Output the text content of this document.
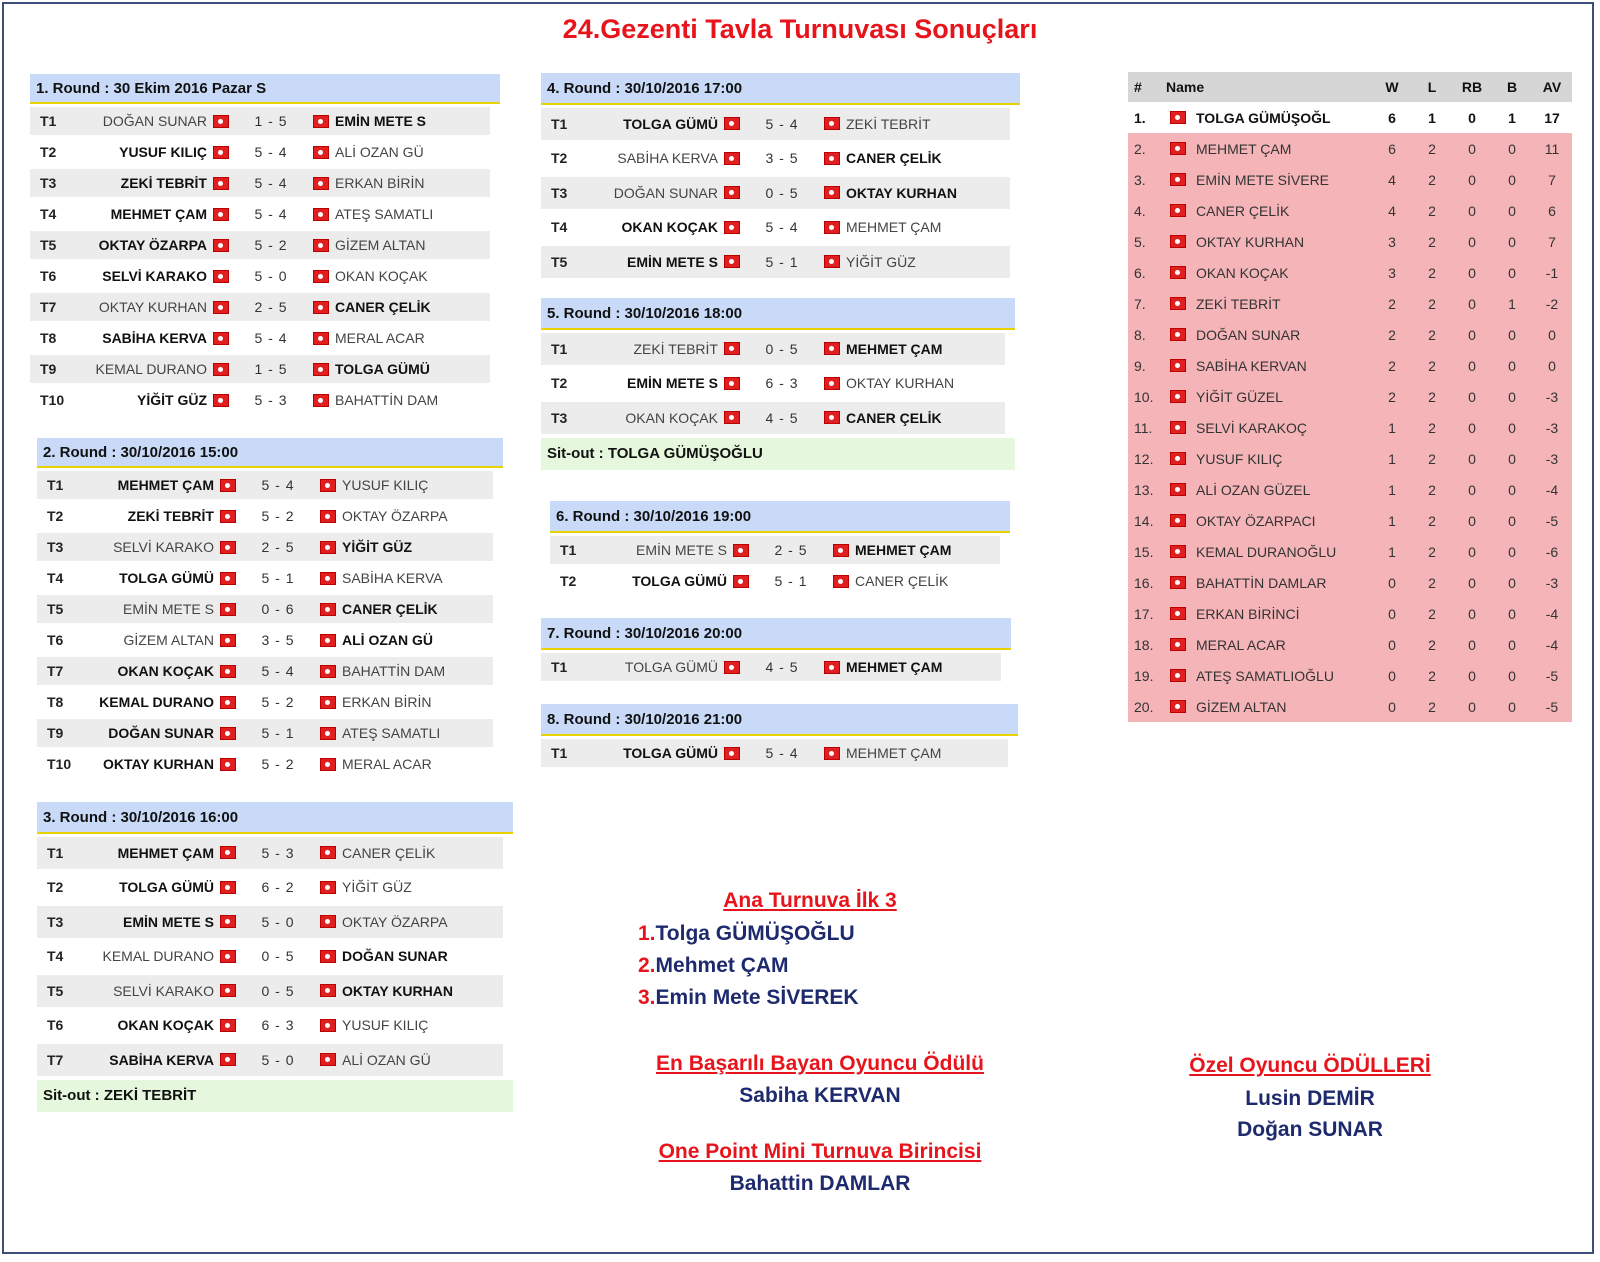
24.Gezenti Tavla Turnuvası Sonuçları
1. Round : 30 Ekim 2016 Pazar S
T1	DOĞAN SUNAR	1 - 5	EMİN METE S
T2	YUSUF KILIÇ	5 - 4	ALİ OZAN GÜ
T3	ZEKİ TEBRİT	5 - 4	ERKAN BİRİN
T4	MEHMET ÇAM	5 - 4	ATEŞ SAMATLI
T5	OKTAY ÖZARPA	5 - 2	GİZEM ALTAN
T6	SELVİ KARAKO	5 - 0	OKAN KOÇAK
T7	OKTAY KURHAN	2 - 5	CANER ÇELİK
T8	SABİHA KERVA	5 - 4	MERAL ACAR
T9	KEMAL DURANO	1 - 5	TOLGA GÜMÜ
T10	YİĞİT GÜZ	5 - 3	BAHATTİN DAM
2. Round : 30/10/2016 15:00
T1	MEHMET ÇAM	5 - 4	YUSUF KILIÇ
T2	ZEKİ TEBRİT	5 - 2	OKTAY ÖZARPA
T3	SELVİ KARAKO	2 - 5	YİĞİT GÜZ
T4	TOLGA GÜMÜ	5 - 1	SABİHA KERVA
T5	EMİN METE S	0 - 6	CANER ÇELİK
T6	GİZEM ALTAN	3 - 5	ALİ OZAN GÜ
T7	OKAN KOÇAK	5 - 4	BAHATTİN DAM
T8	KEMAL DURANO	5 - 2	ERKAN BİRİN
T9	DOĞAN SUNAR	5 - 1	ATEŞ SAMATLI
T10	OKTAY KURHAN	5 - 2	MERAL ACAR
3. Round : 30/10/2016 16:00
T1	MEHMET ÇAM	5 - 3	CANER ÇELİK
T2	TOLGA GÜMÜ	6 - 2	YİĞİT GÜZ
T3	EMİN METE S	5 - 0	OKTAY ÖZARPA
T4	KEMAL DURANO	0 - 5	DOĞAN SUNAR
T5	SELVİ KARAKO	0 - 5	OKTAY KURHAN
T6	OKAN KOÇAK	6 - 3	YUSUF KILIÇ
T7	SABİHA KERVA	5 - 0	ALİ OZAN GÜ
Sit-out : ZEKİ TEBRİT
4. Round : 30/10/2016 17:00
T1	TOLGA GÜMÜ	5 - 4	ZEKİ TEBRİT
T2	SABİHA KERVA	3 - 5	CANER ÇELİK
T3	DOĞAN SUNAR	0 - 5	OKTAY KURHAN
T4	OKAN KOÇAK	5 - 4	MEHMET ÇAM
T5	EMİN METE S	5 - 1	YİĞİT GÜZ
5. Round : 30/10/2016 18:00
T1	ZEKİ TEBRİT	0 - 5	MEHMET ÇAM
T2	EMİN METE S	6 - 3	OKTAY KURHAN
T3	OKAN KOÇAK	4 - 5	CANER ÇELİK
Sit-out : TOLGA GÜMÜŞOĞLU
6. Round : 30/10/2016 19:00
T1	EMİN METE S	2 - 5	MEHMET ÇAM
T2	TOLGA GÜMÜ	5 - 1	CANER ÇELİK
7. Round : 30/10/2016 20:00
T1	TOLGA GÜMÜ	4 - 5	MEHMET ÇAM
8. Round : 30/10/2016 21:00
T1	TOLGA GÜMÜ	5 - 4	MEHMET ÇAM
#	Name	W	L	RB	B	AV
1.	TOLGA GÜMÜŞOĞL	6	1	0	1	17
2.	MEHMET ÇAM	6	2	0	0	11
3.	EMİN METE SİVERE	4	2	0	0	7
4.	CANER ÇELİK	4	2	0	0	6
5.	OKTAY KURHAN	3	2	0	0	7
6.	OKAN KOÇAK	3	2	0	0	-1
7.	ZEKİ TEBRİT	2	2	0	1	-2
8.	DOĞAN SUNAR	2	2	0	0	0
9.	SABİHA KERVAN	2	2	0	0	0
10.	YİĞİT GÜZEL	2	2	0	0	-3
11.	SELVİ KARAKOÇ	1	2	0	0	-3
12.	YUSUF KILIÇ	1	2	0	0	-3
13.	ALİ OZAN GÜZEL	1	2	0	0	-4
14.	OKTAY ÖZARPACI	1	2	0	0	-5
15.	KEMAL DURANOĞLU	1	2	0	0	-6
16.	BAHATTİN DAMLAR	0	2	0	0	-3
17.	ERKAN BİRİNCİ	0	2	0	0	-4
18.	MERAL ACAR	0	2	0	0	-4
19.	ATEŞ SAMATLIOĞLU	0	2	0	0	-5
20.	GİZEM ALTAN	0	2	0	0	-5
Ana Turnuva İlk 3
1.Tolga GÜMÜŞOĞLU
2.Mehmet ÇAM
3.Emin Mete SİVEREK
En Başarılı Bayan Oyuncu Ödülü
Sabiha KERVAN
One Point Mini Turnuva Birincisi
Bahattin DAMLAR
Özel Oyuncu ÖDÜLLERİ
Lusin DEMİR
Doğan SUNAR
